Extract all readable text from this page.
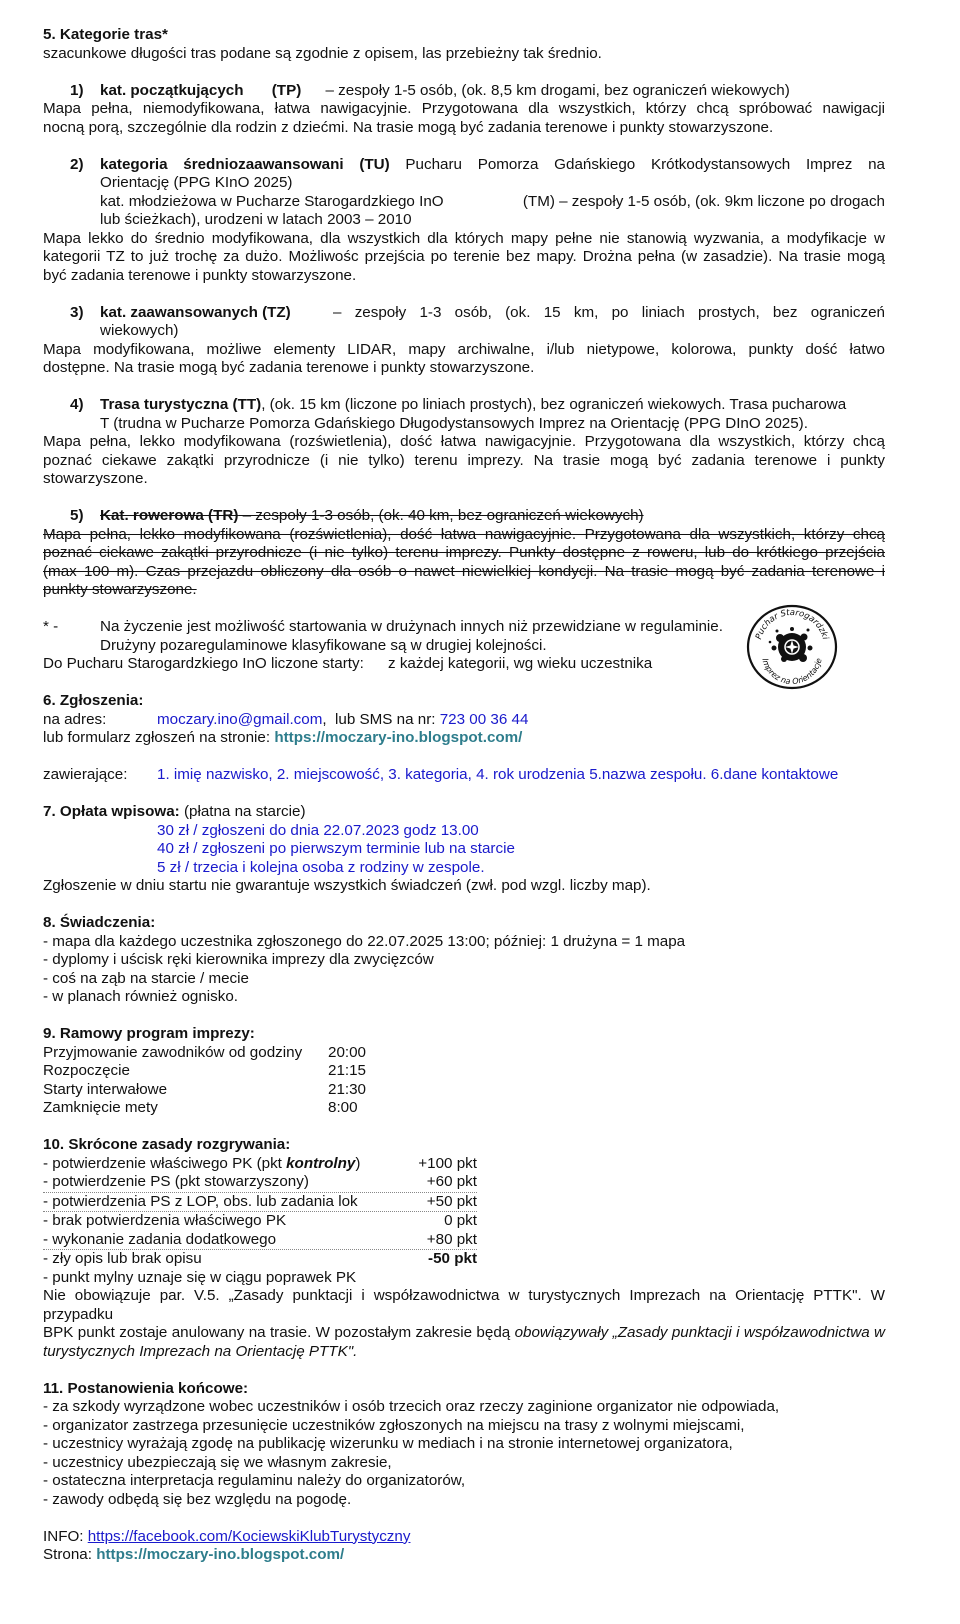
5. Kategorie tras*
szacunkowe długości tras podane są zgodnie z opisem, las przebieżny tak średnio.
1) kat. początkujących (TP) – zespoły 1-5 osób, (ok. 8,5 km drogami, bez ograniczeń wiekowych)
Mapa pełna, niemodyfikowana, łatwa nawigacyjnie. Przygotowana dla wszystkich, którzy chcą spróbować nawigacji
nocną porą, szczególnie dla rodzin z dziećmi. Na trasie mogą być zadania terenowe i punkty stowarzyszone.
2) kategoria średniozaawansowani (TU) Pucharu Pomorza Gdańskiego Krótkodystansowych Imprez na
Orientację (PPG KInO 2025)
kat. młodzieżowa w Pucharze Starogardzkiego InO	(TM) – zespoły 1-5 osób, (ok. 9km liczone po drogach
lub ścieżkach), urodzeni w latach 2003 – 2010
Mapa lekko do średnio modyfikowana, dla wszystkich dla których mapy pełne nie stanowią wyzwania, a modyfikacje w
kategorii TZ to już trochę za dużo. Możliwośc przejścia po terenie bez mapy. Drożna pełna (w zasadzie). Na trasie mogą
być zadania terenowe i punkty stowarzyszone.
3) kat. zaawansowanych (TZ)	– zespoły 1-3 osób, (ok. 15 km, po liniach prostych, bez ograniczeń
wiekowych)
Mapa modyfikowana, możliwe elementy LIDAR, mapy archiwalne, i/lub nietypowe, kolorowa, punkty dość łatwo
dostępne. Na trasie mogą być zadania terenowe i punkty stowarzyszone.
4) Trasa turystyczna (TT), (ok. 15 km (liczone po liniach prostych), bez ograniczeń wiekowych. Trasa pucharowa
T (trudna w Pucharze Pomorza Gdańskiego Długodystansowych Imprez na Orientację (PPG DInO 2025).
Mapa pełna, lekko modyfikowana (rozświetlenia), dość łatwa nawigacyjnie. Przygotowana dla wszystkich, którzy chcą
poznać ciekawe zakątki przyrodnicze (i nie tylko) terenu imprezy. Na trasie mogą być zadania terenowe i punkty
stowarzyszone.
5) Kat. rowerowa (TR) – zespoły 1-3 osób, (ok. 40 km, bez ograniczeń wiekowych)
Mapa pełna, lekko modyfikowana (rozświetlenia), dość łatwa nawigacyjnie. Przygotowana dla wszystkich, którzy chcą
poznać ciekawe zakątki przyrodnicze (i nie tylko) terenu imprezy. Punkty dostępne z roweru, lub do krótkiego przejścia
(max 100 m). Czas przejazdu obliczony dla osób o nawet niewielkiej kondycji. Na trasie mogą być zadania terenowe i
punkty stowarzyszone.
* -	Na życzenie jest możliwość startowania w drużynach innych niż przewidziane w regulaminie.
Drużyny pozaregulaminowe klasyfikowane są w drugiej kolejności.
Do Pucharu Starogardzkiego InO liczone starty: z każdej kategorii, wg wieku uczestnika
6. Zgłoszenia:
na adres:	moczary.ino@gmail.com,  lub SMS na nr: 723 00 36 44
lub formularz zgłoszeń na stronie: https://moczary-ino.blogspot.com/
zawierające: 1. imię nazwisko, 2. miejscowość, 3. kategoria, 4. rok urodzenia 5.nazwa zespołu. 6.dane kontaktowe
7. Opłata wpisowa: (płatna na starcie)
30 zł / zgłoszeni do dnia 22.07.2023 godz 13.00
40 zł / zgłoszeni po pierwszym terminie lub na starcie
5 zł / trzecia i kolejna osoba z rodziny w zespole.
Zgłoszenie w dniu startu nie gwarantuje wszystkich świadczeń (zwł. pod wzgl. liczby map).
8. Świadczenia:
- mapa dla każdego uczestnika zgłoszonego do 22.07.2025 13:00; później: 1 drużyna = 1 mapa
- dyplomy i uścisk ręki kierownika imprezy dla zwycięzców
- coś na ząb na starcie / mecie
- w planach również ognisko.
9. Ramowy program imprezy:
Przyjmowanie zawodników od godziny	20:00
Rozpoczęcie	21:15
Starty interwałowe	21:30
Zamknięcie mety	8:00
10. Skrócone zasady rozgrywania:
- potwierdzenie właściwego PK (pkt kontrolny)	+100 pkt
- potwierdzenie PS (pkt stowarzyszony)	+60 pkt
- potwierdzenia PS z LOP, obs. lub zadania lok	+50 pkt
- brak potwierdzenia właściwego PK	0 pkt
- wykonanie zadania dodatkowego	+80 pkt
- zły opis lub brak opisu	-50 pkt
- punkt mylny uznaje się w ciągu poprawek PK
Nie obowiązuje par. V.5. „Zasady punktacji i współzawodnictwa w turystycznych Imprezach na Orientację PTTK". W przypadku
BPK punkt zostaje anulowany na trasie. W pozostałym zakresie będą obowiązywały „Zasady punktacji i współzawodnictwa w
turystycznych Imprezach na Orientację PTTK".
11. Postanowienia końcowe:
- za szkody wyrządzone wobec uczestników i osób trzecich oraz rzeczy zaginione organizator nie odpowiada,
- organizator zastrzega przesunięcie uczestników zgłoszonych na miejscu na trasy z wolnymi miejscami,
- uczestnicy wyrażają zgodę na publikację wizerunku w mediach i na stronie internetowej organizatora,
- uczestnicy ubezpieczają się we własnym zakresie,
- ostateczna interpretacja regulaminu należy do organizatorów,
- zawody odbędą się bez względu na pogodę.
INFO: https://facebook.com/KociewskiKlubTurystyczny
Strona: https://moczary-ino.blogspot.com/
Puchar Starogardzki
Imprez na Orientacje
